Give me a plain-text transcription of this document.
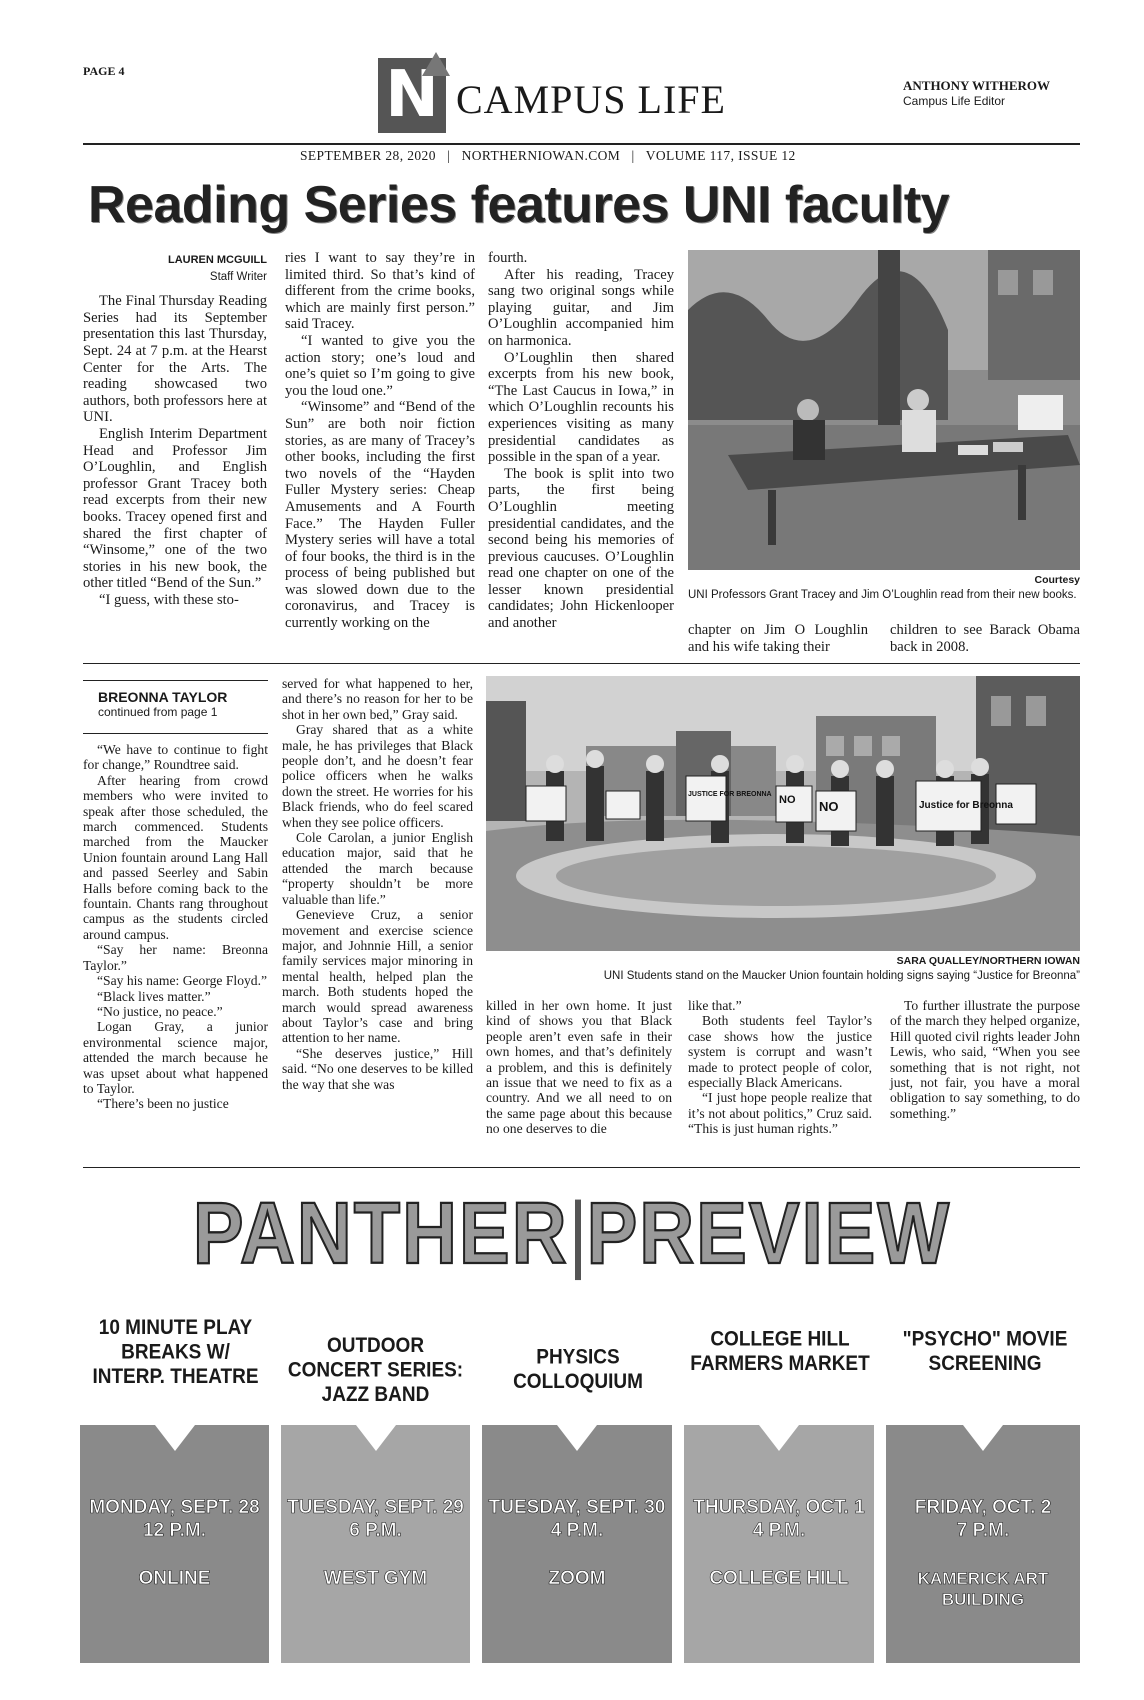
PAGE 4	N CAMPUS LIFE	ANTHONY WITHEROW
Campus Life Editor
SEPTEMBER 28, 2020   |   NORTHERNIOWAN.COM   |   VOLUME 117, ISSUE 12
Reading Series features UNI faculty
LAUREN MCGUILL
Staff Writer

The Final Thursday Reading Series had its September presentation this last Thursday, Sept. 24 at 7 p.m. at the Hearst Center for the Arts. The reading showcased two authors, both professors here at UNI.

English Interim Department Head and Professor Jim O’Loughlin, and English professor Grant Tracey both read excerpts from their new books. Tracey opened first and shared the first chapter of “Winsome,” one of the two stories in his new book, the other titled “Bend of the Sun.”

“I guess, with these sto-

ries I want to say they’re in limited third. So that’s kind of different from the crime books, which are mainly first person.” said Tracey.

“I wanted to give you the action story; one’s loud and one’s quiet so I’m going to give you the loud one.”

“Winsome” and “Bend of the Sun” are both noir fiction stories, as are many of Tracey’s other books, including the first two novels of the “Hayden Fuller Mystery series: Cheap Amusements and A Fourth Face.” The Hayden Fuller Mystery series will have a total of four books, the third is in the process of being published but was slowed down due to the coronavirus, and Tracey is currently working on the

fourth.

After his reading, Tracey sang two original songs while playing guitar, and Jim O’Loughlin accompanied him on harmonica.

O’Loughlin then shared excerpts from his new book, “The Last Caucus in Iowa,” in which O’Loughlin recounts his experiences visiting as many presidential candidates as possible in the span of a year.

The book is split into two parts, the first being O’Loughlin meeting presidential candidates, and the second being his memories of previous caucuses. O’Loughlin read one chapter on one of the lesser known presidential candidates; John Hickenlooper and another

Courtesy
UNI Professors Grant Tracey and Jim O’Loughlin read from their new books.

chapter on Jim O Loughlin and his wife taking their

children to see Barack Obama back in 2008.

BREONNA TAYLOR
continued from page 1

“We have to continue to fight for change,” Roundtree said.

After hearing from crowd members who were invited to speak after those scheduled, the march commenced. Students marched from the Maucker Union fountain around Lang Hall and passed Seerley and Sabin Halls before coming back to the fountain. Chants rang throughout campus as the students circled around campus.

“Say her name: Breonna Taylor.”

“Say his name: George Floyd.”

“Black lives matter.”

“No justice, no peace.”

Logan Gray, a junior environmental science major, attended the march because he was upset about what happened to Taylor.

“There’s been no justice

served for what happened to her, and there’s no reason for her to be shot in her own bed,” Gray said.

Gray shared that as a white male, he has privileges that Black people don’t, and he doesn’t fear police officers when he walks down the street. He worries for his Black friends, who do feel scared when they see police officers.

Cole Carolan, a junior English education major, said that he attended the march because “property shouldn’t be more valuable than life.”

Genevieve Cruz, a senior movement and exercise science major, and Johnnie Hill, a senior family services major minoring in mental health, helped plan the march. Both students hoped the march would spread awareness about Taylor’s case and bring attention to her name.

“She deserves justice,” Hill said. “No one deserves to be killed the way that she was

NO NO
JUSTICE FOR BREONNA
Justice for Breonna
SARA QUALLEY/NORTHERN IOWAN
UNI Students stand on the Maucker Union fountain holding signs saying “Justice for Breonna”

killed in her own home. It just kind of shows you that Black people aren’t even safe in their own homes, and that’s definitely a problem, and this is definitely an issue that we need to fix as a country. And we all need to on the same page about this because no one deserves to die

like that.”

Both students feel Taylor’s case shows how the justice system is corrupt and wasn’t made to protect people of color, especially Black Americans.

“I just hope people realize that it’s not about politics,” Cruz said. “This is just human rights.”

To further illustrate the purpose of the march they helped organize, Hill quoted civil rights leader John Lewis, who said, “When you see something that is not right, not just, not fair, you have a moral obligation to say something, to do something.”

PANTHER PREVIEW
10 MINUTE PLAY BREAKS W/ INTERP. THEATRE
OUTDOOR CONCERT SERIES: JAZZ BAND
PHYSICS COLLOQUIUM
COLLEGE HILL FARMERS MARKET
"PSYCHO" MOVIE SCREENING
MONDAY, SEPT. 28
12 P.M.
ONLINE
TUESDAY, SEPT. 29
6 P.M.
WEST GYM
TUESDAY, SEPT. 30
4 P.M.
ZOOM
THURSDAY, OCT. 1
4 P.M.
COLLEGE HILL
FRIDAY, OCT. 2
7 P.M.
KAMERICK ART BUILDING
